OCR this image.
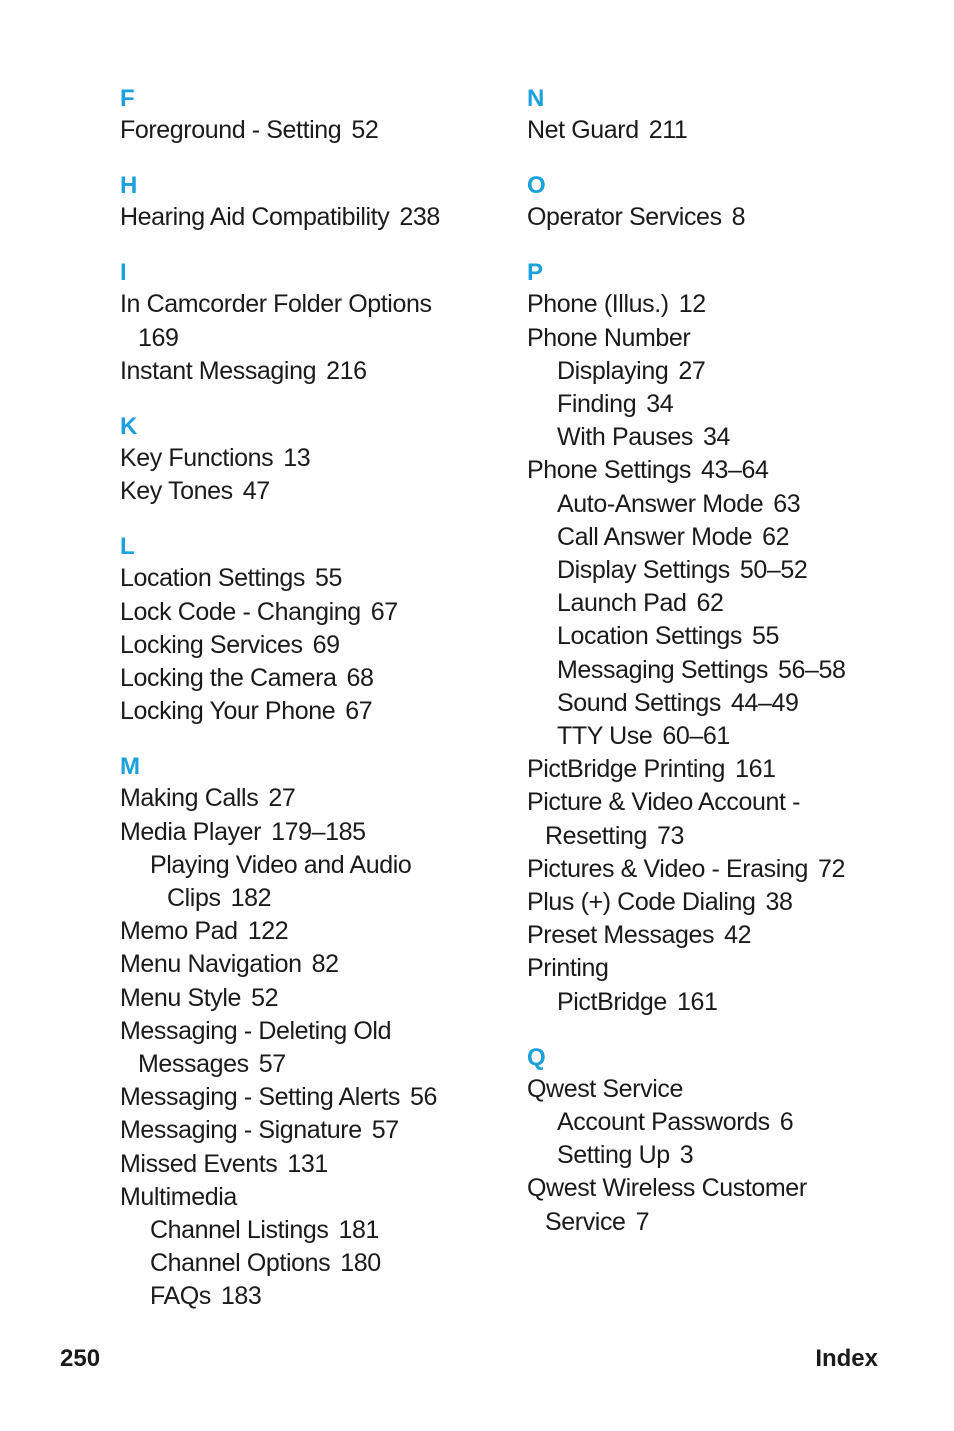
F
Foreground - Setting 52
H
Hearing Aid Compatibility 238
I
In Camcorder Folder Options
169
Instant Messaging 216
K
Key Functions 13
Key Tones 47
L
Location Settings 55
Lock Code - Changing 67
Locking Services 69
Locking the Camera 68
Locking Your Phone 67
M
Making Calls 27
Media Player 179–185
Playing Video and Audio
Clips 182
Memo Pad 122
Menu Navigation 82
Menu Style 52
Messaging - Deleting Old
Messages 57
Messaging - Setting Alerts 56
Messaging - Signature 57
Missed Events 131
Multimedia
Channel Listings 181
Channel Options 180
FAQs 183
N
Net Guard 211
O
Operator Services 8
P
Phone (Illus.) 12
Phone Number
Displaying 27
Finding 34
With Pauses 34
Phone Settings 43–64
Auto-Answer Mode 63
Call Answer Mode 62
Display Settings 50–52
Launch Pad 62
Location Settings 55
Messaging Settings 56–58
Sound Settings 44–49
TTY Use 60–61
PictBridge Printing 161
Picture & Video Account -
Resetting 73
Pictures & Video - Erasing 72
Plus (+) Code Dialing 38
Preset Messages 42
Printing
PictBridge 161
Q
Qwest Service
Account Passwords 6
Setting Up 3
Qwest Wireless Customer
Service 7
250	Index
